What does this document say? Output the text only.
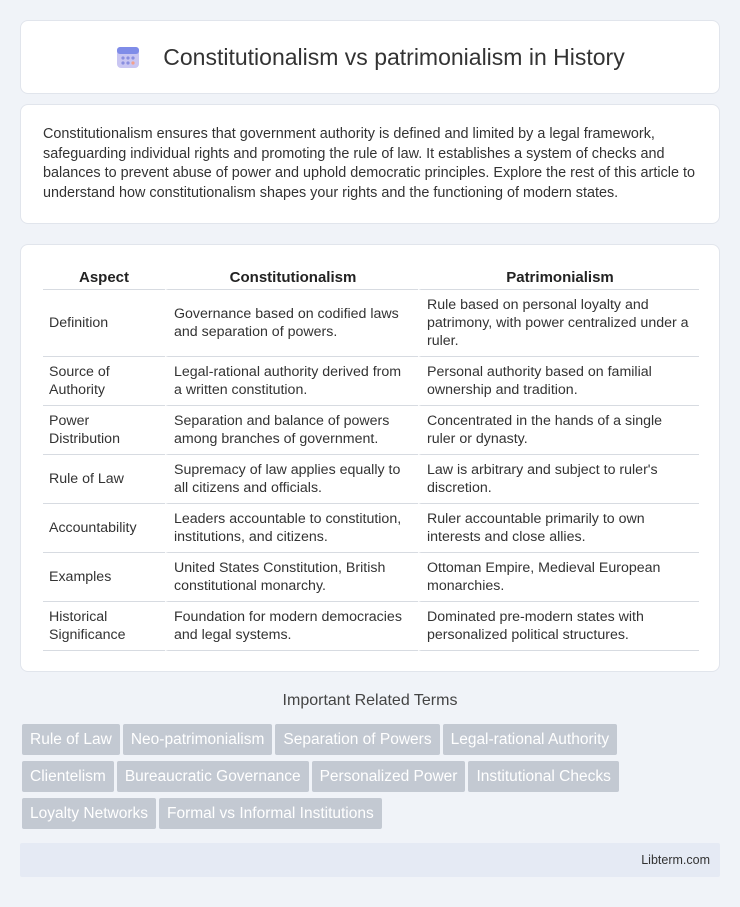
Constitutionalism vs patrimonialism in History

Constitutionalism ensures that government authority is defined and limited by a legal framework, safeguarding individual rights and promoting the rule of law. It establishes a system of checks and balances to prevent abuse of power and uphold democratic principles. Explore the rest of this article to understand how constitutionalism shapes your rights and the functioning of modern states.

Aspect	Constitutionalism	Patrimonialism
Definition	Governance based on codified laws and separation of powers.	Rule based on personal loyalty and patrimony, with power centralized under a ruler.
Source of Authority	Legal-rational authority derived from a written constitution.	Personal authority based on familial ownership and tradition.
Power Distribution	Separation and balance of powers among branches of government.	Concentrated in the hands of a single ruler or dynasty.
Rule of Law	Supremacy of law applies equally to all citizens and officials.	Law is arbitrary and subject to ruler's discretion.
Accountability	Leaders accountable to constitution, institutions, and citizens.	Ruler accountable primarily to own interests and close allies.
Examples	United States Constitution, British constitutional monarchy.	Ottoman Empire, Medieval European monarchies.
Historical Significance	Foundation for modern democracies and legal systems.	Dominated pre-modern states with personalized political structures.
Important Related Terms
Rule of Law	Neo-patrimonialism	Separation of Powers	Legal-rational Authority
Clientelism	Bureaucratic Governance	Personalized Power	Institutional Checks
Loyalty Networks	Formal vs Informal Institutions
Libterm.com
